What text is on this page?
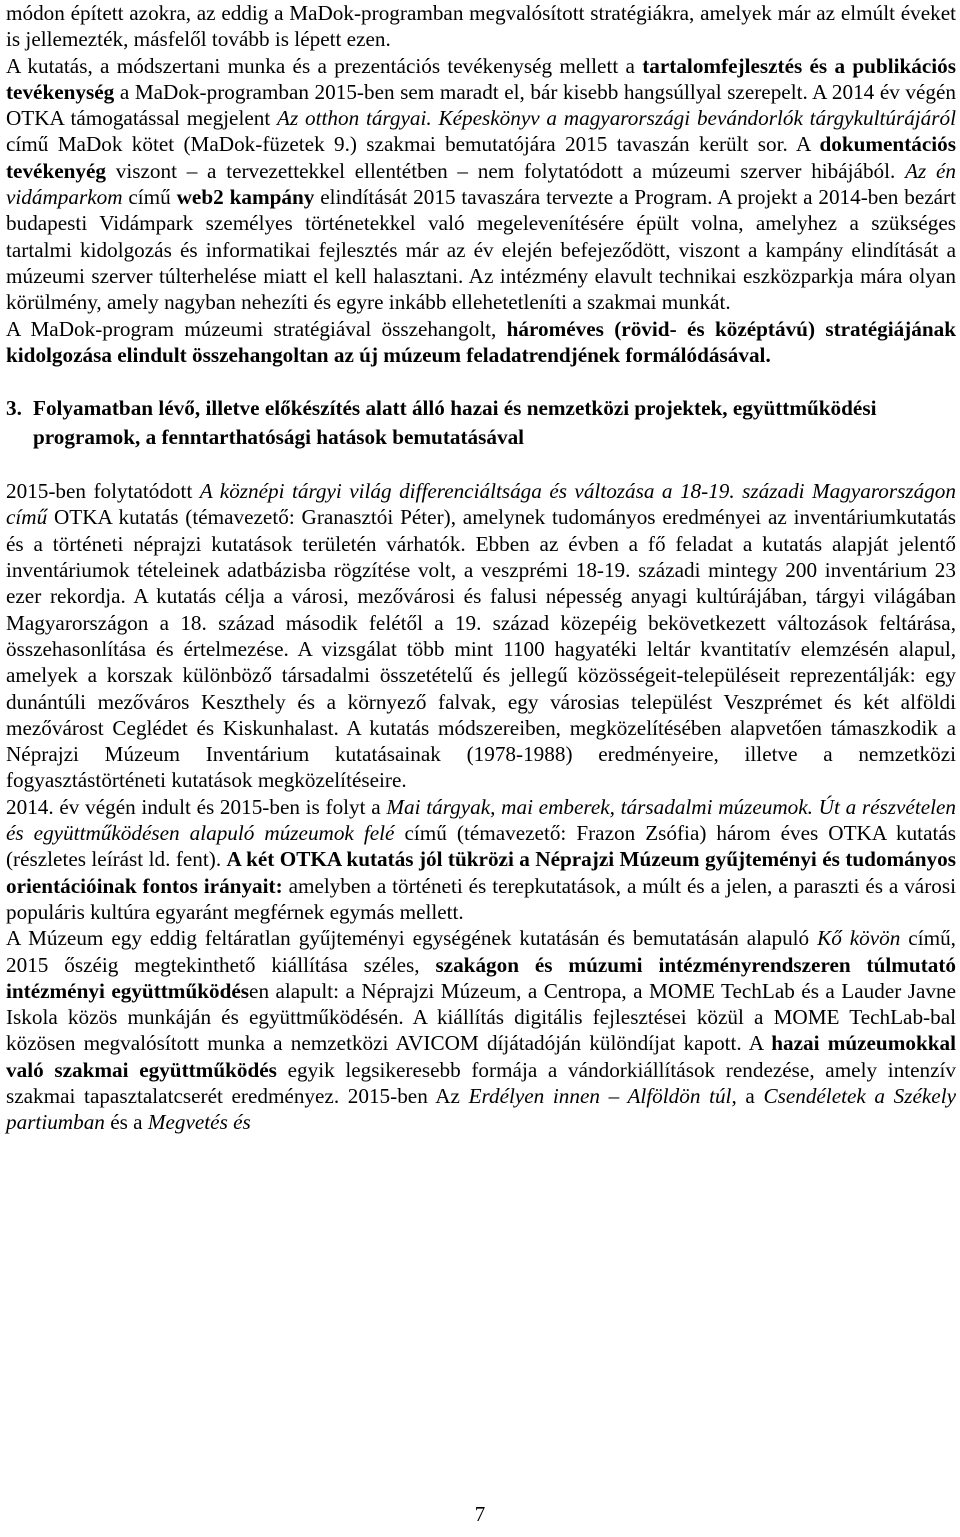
módon épített azokra, az eddig a MaDok-programban megvalósított stratégiákra, amelyek már az elmúlt éveket is jellemezték, másfelől tovább is lépett ezen.

A kutatás, a módszertani munka és a prezentációs tevékenység mellett a tartalomfejlesztés és a publikációs tevékenység a MaDok-programban 2015-ben sem maradt el, bár kisebb hangsúllyal szerepelt. A 2014 év végén OTKA támogatással megjelent Az otthon tárgyai. Képeskönyv a magyarországi bevándorlók tárgykultúrájáról című MaDok kötet (MaDok-füzetek 9.) szakmai bemutatójára 2015 tavaszán került sor. A dokumentációs tevékenyég viszont – a tervezettekkel ellentétben – nem folytatódott a múzeumi szerver hibájából. Az én vidámparkom című web2 kampány elindítását 2015 tavaszára tervezte a Program. A projekt a 2014-ben bezárt budapesti Vidámpark személyes történetekkel való megelevenítésére épült volna, amelyhez a szükséges tartalmi kidolgozás és informatikai fejlesztés már az év elején befejeződött, viszont a kampány elindítását a múzeumi szerver túlterhelése miatt el kell halasztani. Az intézmény elavult technikai eszközparkja mára olyan körülmény, amely nagyban nehezíti és egyre inkább ellehetetleníti a szakmai munkát.

A MaDok-program múzeumi stratégiával összehangolt, hároméves (rövid- és középtávú) stratégiájának kidolgozása elindult összehangoltan az új múzeum feladatrendjének formálódásával.

3. Folyamatban lévő, illetve előkészítés alatt álló hazai és nemzetközi projektek, együttműködési programok, a fenntarthatósági hatások bemutatásával

2015-ben folytatódott A köznépi tárgyi világ differenciáltsága és változása a 18-19. századi Magyarországon című OTKA kutatás (témavezető: Granasztói Péter), amelynek tudományos eredményei az inventáriumkutatás és a történeti néprajzi kutatások területén várhatók. Ebben az évben a fő feladat a kutatás alapját jelentő inventáriumok tételeinek adatbázisba rögzítése volt, a veszprémi 18-19. századi mintegy 200 inventárium 23 ezer rekordja. A kutatás célja a városi, mezővárosi és falusi népesség anyagi kultúrájában, tárgyi világában Magyarországon a 18. század második felétől a 19. század közepéig bekövetkezett változások feltárása, összehasonlítása és értelmezése. A vizsgálat több mint 1100 hagyatéki leltár kvantitatív elemzésén alapul, amelyek a korszak különböző társadalmi összetételű és jellegű közösségeit-településeit reprezentálják: egy dunántúli mezőváros Keszthely és a környező falvak, egy városias települést Veszprémet és két alföldi mezővárost Ceglédet és Kiskunhalast. A kutatás módszereiben, megközelítésében alapvetően támaszkodik a Néprajzi Múzeum Inventárium kutatásainak (1978-1988) eredményeire, illetve a nemzetközi fogyasztástörténeti kutatások megközelítéseire.

2014. év végén indult és 2015-ben is folyt a Mai tárgyak, mai emberek, társadalmi múzeumok. Út a részvételen és együttműködésen alapuló múzeumok felé című (témavezető: Frazon Zsófia) három éves OTKA kutatás (részletes leírást ld. fent). A két OTKA kutatás jól tükrözi a Néprajzi Múzeum gyűjteményi és tudományos orientációinak fontos irányait: amelyben a történeti és terepkutatások, a múlt és a jelen, a paraszti és a városi populáris kultúra egyaránt megférnek egymás mellett.

A Múzeum egy eddig feltáratlan gyűjteményi egységének kutatásán és bemutatásán alapuló Kő kövön című, 2015 őszéig megtekinthető kiállítása széles, szakágon és múzumi intézményrendszeren túlmutató intézményi együttműködésen alapult: a Néprajzi Múzeum, a Centropa, a MOME TechLab és a Lauder Javne Iskola közös munkáján és együttműködésén. A kiállítás digitális fejlesztései közül a MOME TechLab-bal közösen megvalósított munka a nemzetközi AVICOM díjátadóján különdíjat kapott. A hazai múzeumokkal való szakmai együttműködés egyik legsikeresebb formája a vándorkiállítások rendezése, amely intenzív szakmai tapasztalatcserét eredményez. 2015-ben Az Erdélyen innen – Alföldön túl, a Csendéletek a Székely partiumban és a Megvetés és

7
